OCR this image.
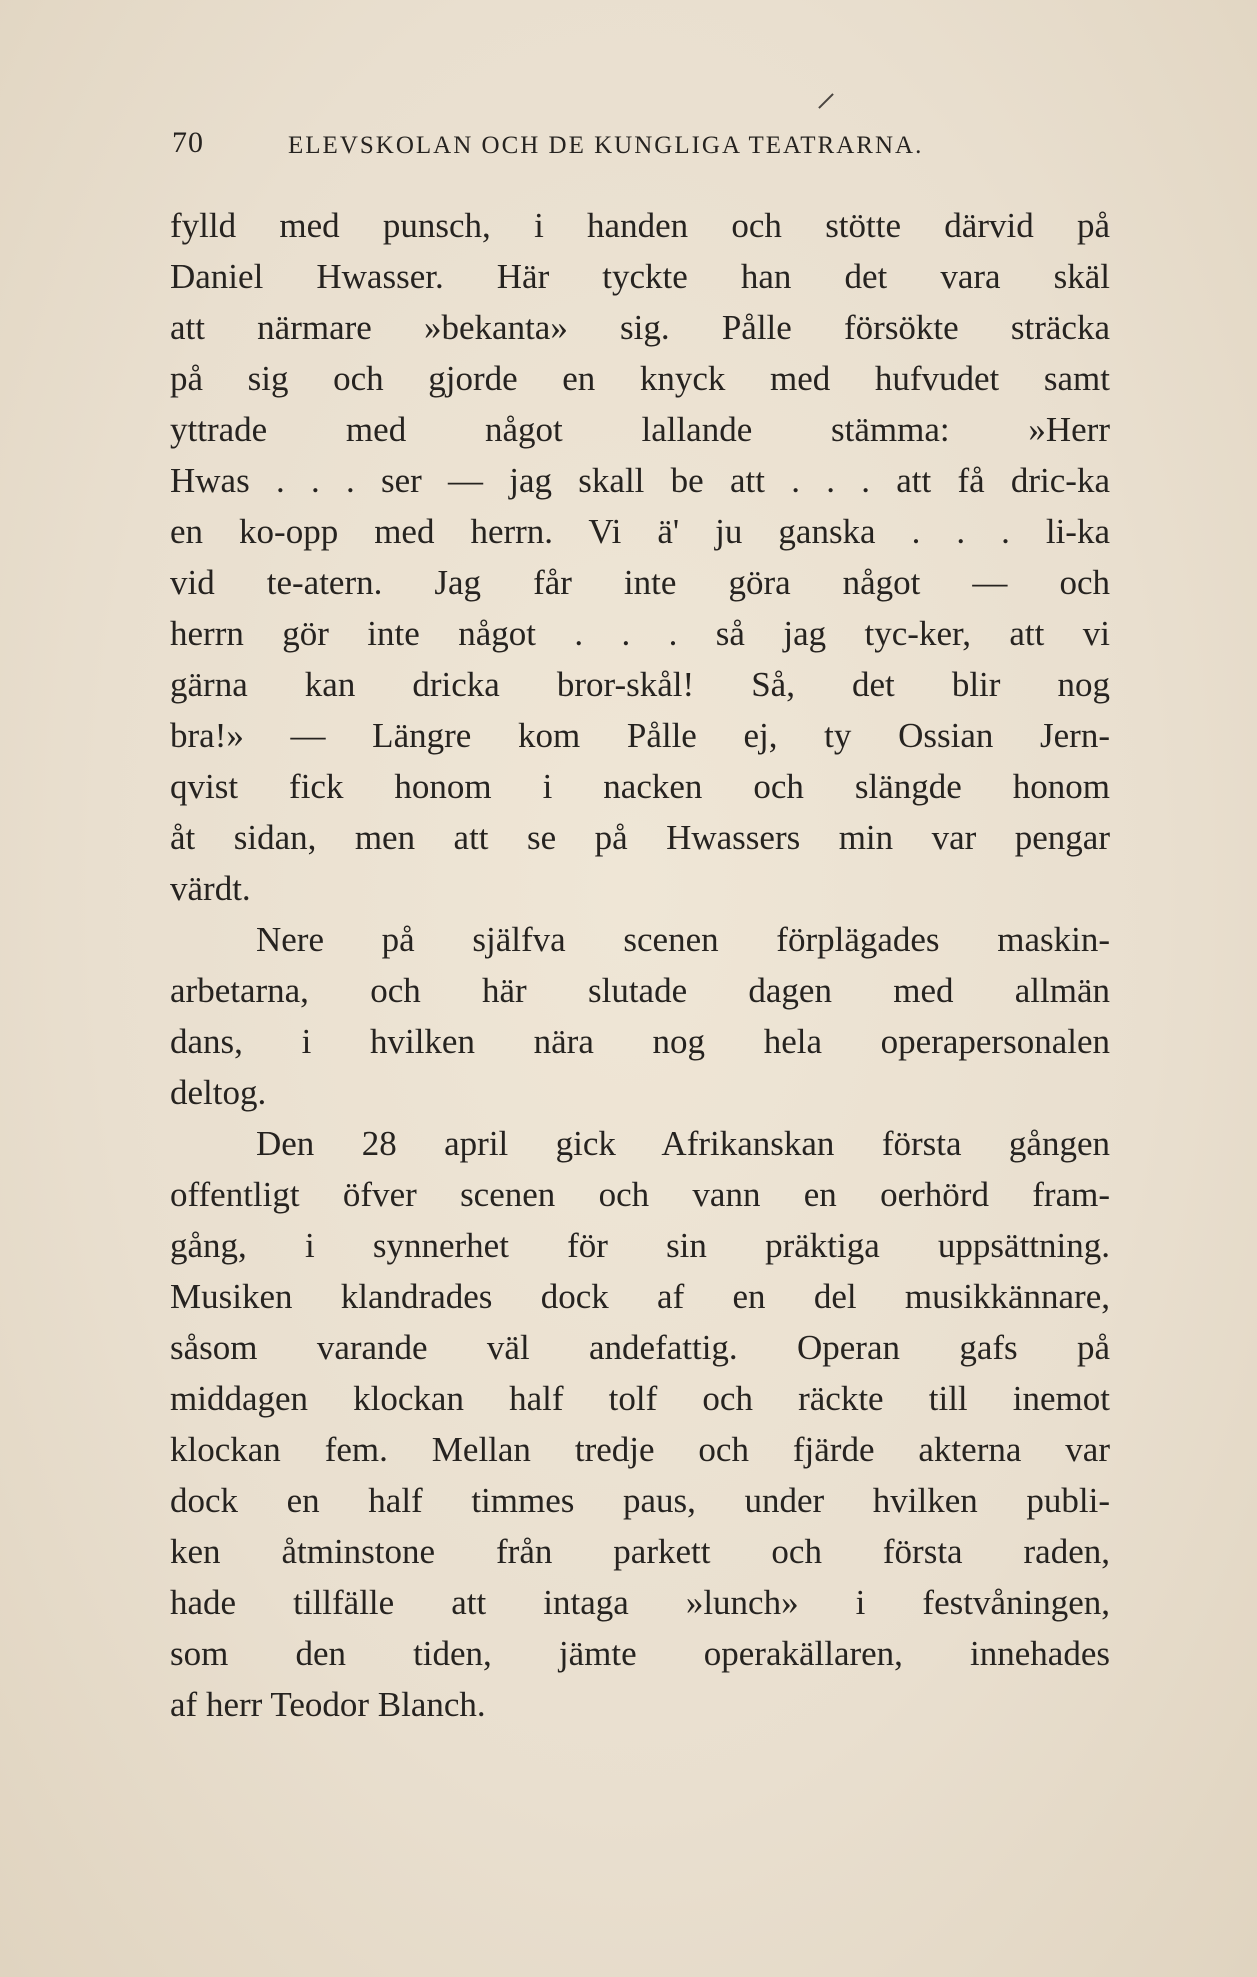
70	ELEVSKOLAN OCH DE KUNGLIGA TEATRARNA.
fylld med punsch, i handen och stötte därvid på
Daniel Hwasser. Här tyckte han det vara skäl
att närmare »bekanta» sig. Pålle försökte sträcka
på sig och gjorde en knyck med hufvudet samt
yttrade med något lallande stämma: »Herr
Hwas . . . ser — jag skall be att . . . att få dric-ka
en ko-opp med herrn. Vi ä' ju ganska . . . li-ka
vid te-atern. Jag får inte göra något — och
herrn gör inte något . . . så jag tyc-ker, att vi
gärna kan dricka bror-skål! Så, det blir nog
bra!» — Längre kom Pålle ej, ty Ossian Jern-
qvist fick honom i nacken och slängde honom
åt sidan, men att se på Hwassers min var pengar
värdt.
Nere på själfva scenen förplägades maskin-
arbetarna, och här slutade dagen med allmän
dans, i hvilken nära nog hela operapersonalen
deltog.
Den 28 april gick Afrikanskan första gången
offentligt öfver scenen och vann en oerhörd fram-
gång, i synnerhet för sin präktiga uppsättning.
Musiken klandrades dock af en del musikkännare,
såsom varande väl andefattig. Operan gafs på
middagen klockan half tolf och räckte till inemot
klockan fem. Mellan tredje och fjärde akterna var
dock en half timmes paus, under hvilken publi-
ken åtminstone från parkett och första raden,
hade tillfälle att intaga »lunch» i festvåningen,
som den tiden, jämte operakällaren, innehades
af herr Teodor Blanch.
